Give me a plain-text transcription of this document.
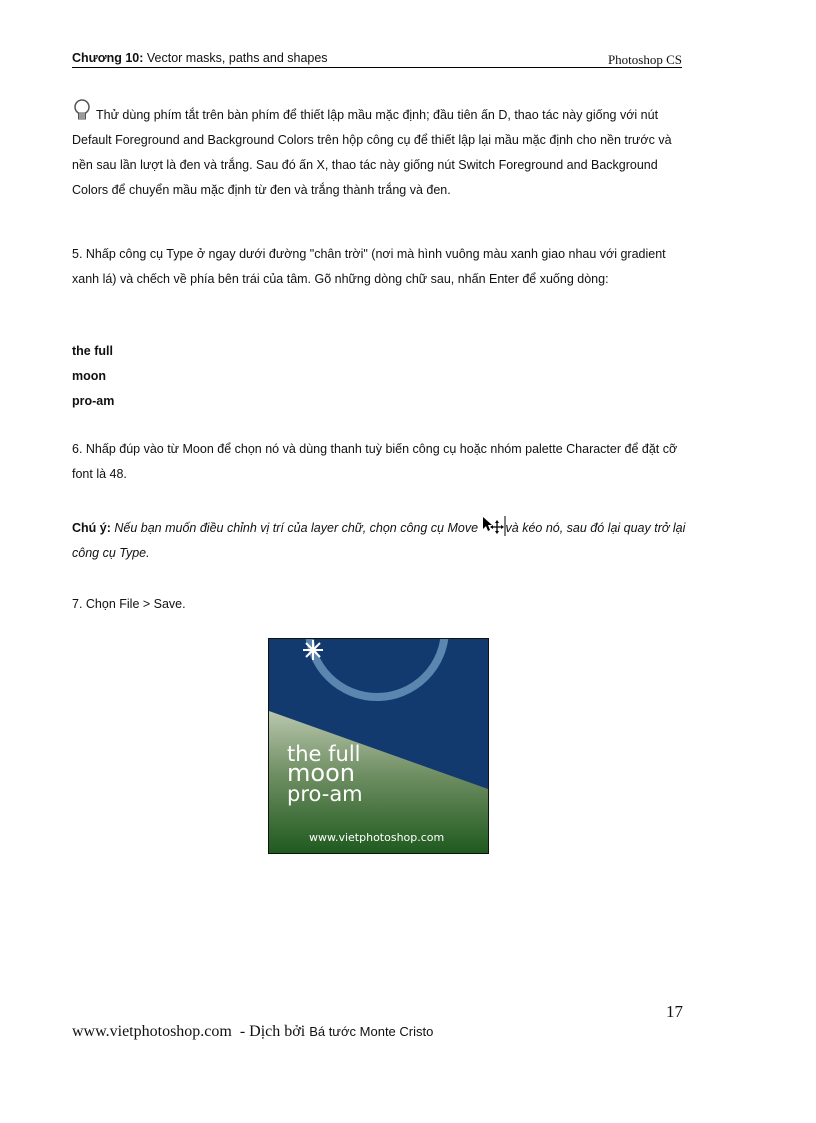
Chương 10: Vector masks, paths and shapes	Photoshop CS

Thử dùng phím tắt trên bàn phím để thiết lập mầu mặc định; đầu tiên ấn D, thao tác này giống với nút Default Foreground and Background Colors trên hộp công cụ để thiết lập lại mầu mặc định cho nền trước và nền sau lần lượt là đen và trắng. Sau đó ấn X, thao tác này giống nút Switch Foreground and Background Colors để chuyển mầu mặc định từ đen và trắng thành trắng và đen.

5. Nhấp công cụ Type ở ngay dưới đường "chân trời" (nơi mà hình vuông màu xanh giao nhau với gradient xanh lá) và chếch về phía bên trái của tâm. Gõ những dòng chữ sau, nhấn Enter để xuống dòng:

the full
moon
pro-am

6. Nhấp đúp vào từ Moon để chọn nó và dùng thanh tuỳ biến công cụ hoặc nhóm palette Character để đặt cỡ font là 48.

Chú ý: Nếu bạn muốn điều chỉnh vị trí của layer chữ, chọn công cụ Move và kéo nó, sau đó lại quay trở lại công cụ Type.

7. Chọn File > Save.

the full
moon
pro-am
www.vietphotoshop.com
17
www.vietphotoshop.com  - Dịch bởi Bá tước Monte Cristo
